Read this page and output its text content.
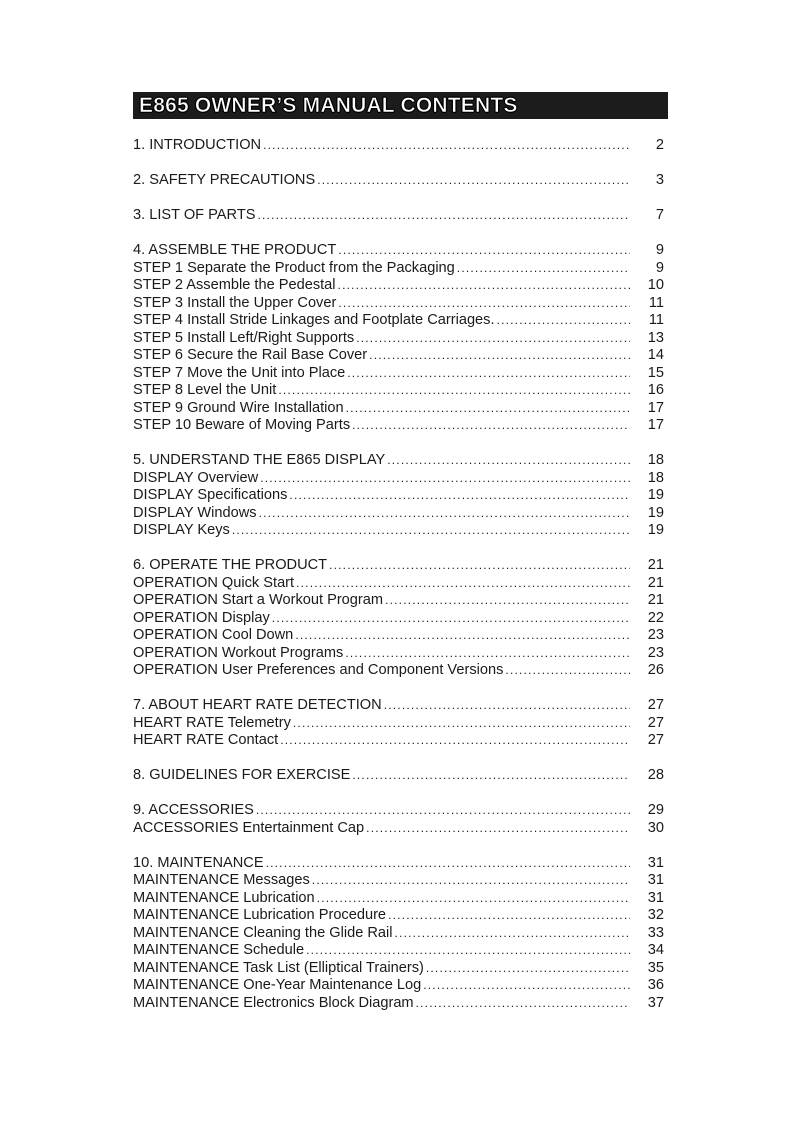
E865 OWNER’S MANUAL CONTENTS
1. INTRODUCTION .....	2
2. SAFETY PRECAUTIONS .....	3
3. LIST OF PARTS .....	7
4. ASSEMBLE THE PRODUCT .....	9
STEP 1 Separate the Product from the Packaging .....	9
STEP 2 Assemble the Pedestal .....	10
STEP 3 Install the Upper Cover .....	11
STEP 4 Install Stride Linkages and Footplate Carriages. .....	11
STEP 5 Install Left/Right Supports .....	13
STEP 6 Secure the Rail Base Cover .....	14
STEP 7 Move the Unit into Place .....	15
STEP 8 Level the Unit .....	16
STEP 9 Ground Wire Installation .....	17
STEP 10 Beware of Moving Parts .....	17
5. UNDERSTAND THE E865 DISPLAY .....	18
DISPLAY Overview .....	18
DISPLAY Specifications .....	19
DISPLAY Windows .....	19
DISPLAY Keys .....	19
6. OPERATE THE PRODUCT .....	21
OPERATION Quick Start .....	21
OPERATION Start a Workout Program .....	21
OPERATION Display .....	22
OPERATION Cool Down .....	23
OPERATION Workout Programs .....	23
OPERATION User Preferences and Component Versions .....	26
7. ABOUT HEART RATE DETECTION .....	27
HEART RATE Telemetry .....	27
HEART RATE Contact .....	27
8. GUIDELINES FOR EXERCISE .....	28
9. ACCESSORIES .....	29
ACCESSORIES Entertainment Cap .....	30
10. MAINTENANCE .....	31
MAINTENANCE Messages .....	31
MAINTENANCE Lubrication .....	31
MAINTENANCE Lubrication Procedure .....	32
MAINTENANCE Cleaning the Glide Rail .....	33
MAINTENANCE Schedule .....	34
MAINTENANCE Task List (Elliptical Trainers) .....	35
MAINTENANCE One-Year Maintenance Log .....	36
MAINTENANCE Electronics Block Diagram .....	37
